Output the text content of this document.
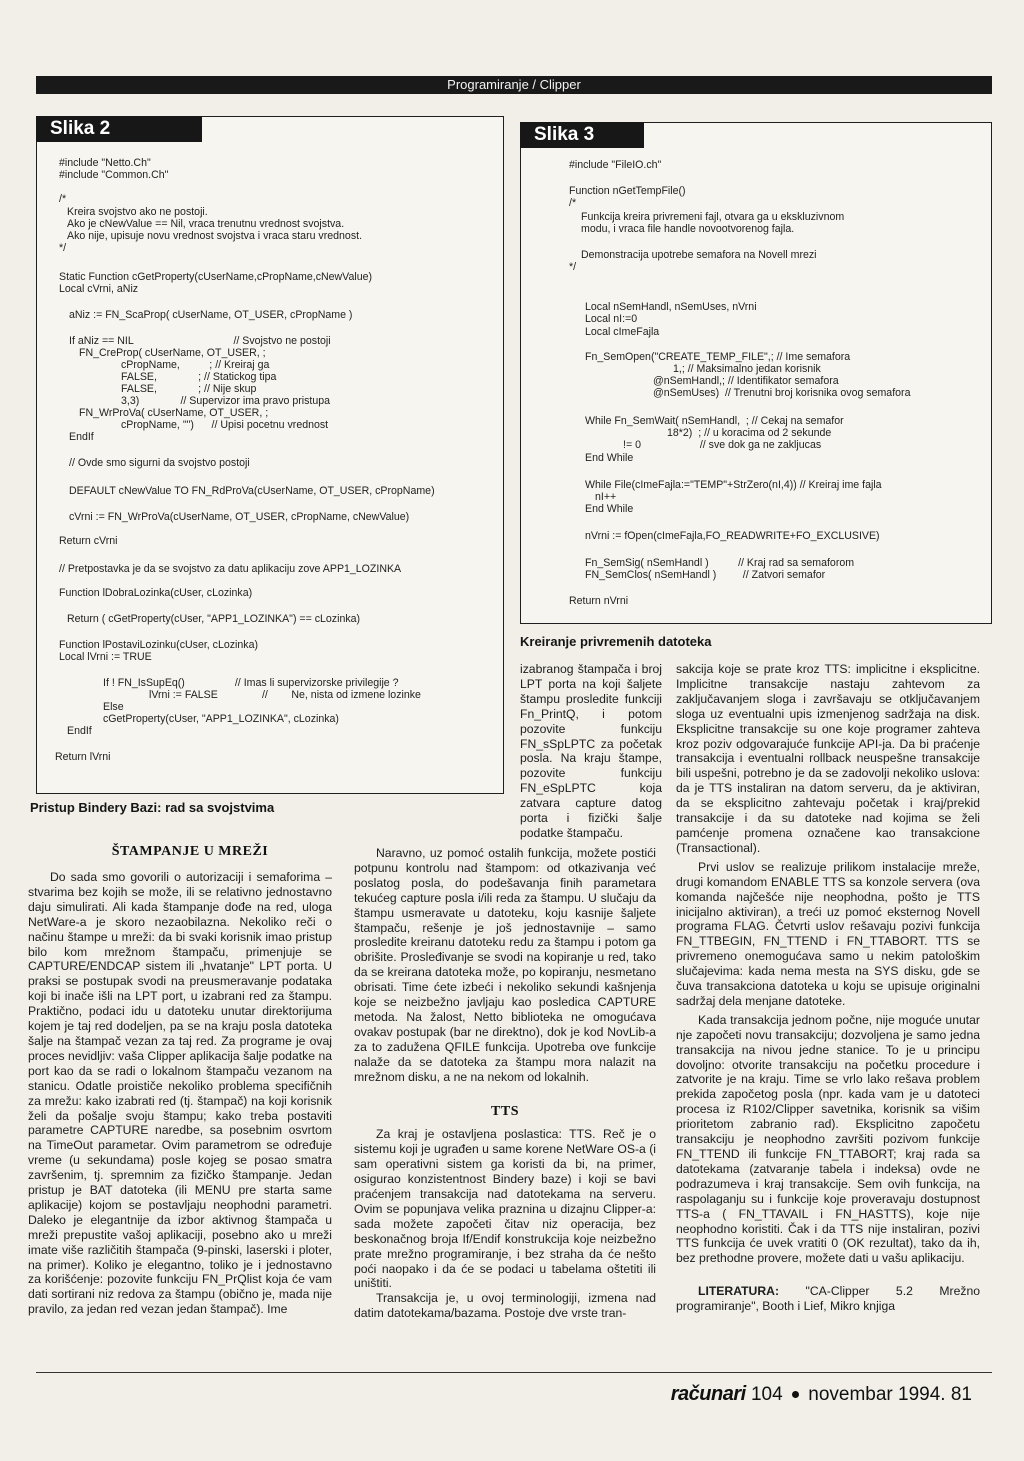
Programiranje / Clipper
Slika 2
#include "Netto.Ch"
#include "Common.Ch"
/*
Kreira svojstvo ako ne postoji.
Ako je cNewValue == Nil, vraca trenutnu vrednost svojstva.
Ako nije, upisuje novu vrednost svojstva i vraca staru vrednost.
*/
Static Function cGetProperty(cUserName,cPropName,cNewValue)
Local cVrni, aNiz
aNiz := FN_ScaProp( cUserName, OT_USER, cPropName )
If aNiz == NIL                                  // Svojstvo ne postoji
FN_CreProp( cUserName, OT_USER, ;
cPropName,          ; // Kreiraj ga
FALSE,              ; // Statickog tipa
FALSE,              ; // Nije skup
3,3)              // Supervizor ima pravo pristupa
FN_WrProVa( cUserName, OT_USER, ;
cPropName, "")      // Upisi pocetnu vrednost
EndIf
// Ovde smo sigurni da svojstvo postoji
DEFAULT cNewValue TO FN_RdProVa(cUserName, OT_USER, cPropName)
cVrni := FN_WrProVa(cUserName, OT_USER, cPropName, cNewValue)
Return cVrni
// Pretpostavka je da se svojstvo za datu aplikaciju zove APP1_LOZINKA
Function lDobraLozinka(cUser, cLozinka)
Return ( cGetProperty(cUser, "APP1_LOZINKA") == cLozinka)
Function lPostaviLozinku(cUser, cLozinka)
Local lVrni := TRUE
If ! FN_IsSupEq()                 // Imas li supervizorske privilegije ?
lVrni := FALSE               //        Ne, nista od izmene lozinke
Else
cGetProperty(cUser, "APP1_LOZINKA", cLozinka)
EndIf
Return lVrni
Pristup Bindery Bazi: rad sa svojstvima
Slika 3
#include "FileIO.ch"
Function nGetTempFile()
/*
Funkcija kreira privremeni fajl, otvara ga u ekskluzivnom
modu, i vraca file handle novootvorenog fajla.
Demonstracija upotrebe semafora na Novell mrezi
*/
Local nSemHandl, nSemUses, nVrni
Local nI:=0
Local cImeFajla
Fn_SemOpen("CREATE_TEMP_FILE",; // Ime semafora
1,; // Maksimalno jedan korisnik
@nSemHandl,; // Identifikator semafora
@nSemUses)  // Trenutni broj korisnika ovog semafora
While Fn_SemWait( nSemHandl,  ; // Cekaj na semafor
18*2)  ; // u koracima od 2 sekunde
!= 0                    // sve dok ga ne zakljucas
End While
While File(cImeFajla:="TEMP"+StrZero(nI,4)) // Kreiraj ime fajla
nI++
End While
nVrni := fOpen(cImeFajla,FO_READWRITE+FO_EXCLUSIVE)
Fn_SemSig( nSemHandl )          // Kraj rad sa semaforom
FN_SemClos( nSemHandl )         // Zatvori semafor
Return nVrni
Kreiranje privremenih datoteka
ŠTAMPANJE U MREŽI

Do sada smo govorili o autorizaciji i semaforima – stvarima bez kojih se može, ili se relativno jednostavno daju simulirati. Ali kada štampanje dođe na red, uloga NetWare-a je skoro nezaobilazna. Nekoliko reči o načinu štampe u mreži: da bi svaki korisnik imao pristup bilo kom mrežnom štampaču, primenjuje se CAPTURE/ENDCAP sistem ili „hvatanje" LPT porta. U praksi se postupak svodi na preusmeravanje podataka koji bi inače išli na LPT port, u izabrani red za štampu. Praktično, podaci idu u datoteku unutar direktorijuma kojem je taj red dodeljen, pa se na kraju posla datoteka šalje na štampač vezan za taj red. Za programe je ovaj proces nevidljiv: vaša Clipper aplikacija šalje podatke na port kao da se radi o lokalnom štampaču vezanom na stanicu. Odatle proističe nekoliko problema specifičnih za mrežu: kako izabrati red (tj. štampač) na koji korisnik želi da pošalje svoju štampu; kako treba postaviti parametre CAPTURE naredbe, sa posebnim osvrtom na TimeOut parametar. Ovim parametrom se određuje vreme (u sekundama) posle kojeg se posao smatra završenim, tj. spremnim za fizičko štampanje. Jedan pristup je BAT datoteka (ili MENU pre starta same aplikacije) kojom se postavljaju neophodni parametri. Daleko je elegantnije da izbor aktivnog štampača u mreži prepustite vašoj aplikaciji, posebno ako u mreži imate više različitih štampača (9-pinski, laserski i ploter, na primer). Koliko je elegantno, toliko je i jednostavno za korišćenje: pozovite funkciju FN_PrQlist koja će vam dati sortirani niz redova za štampu (obično je, mada nije pravilo, za jedan red vezan jedan štampač). Ime

izabranog štampača i broj LPT porta na koji šaljete štampu prosledite funkciji Fn_PrintQ, i potom pozovite funkciju FN_sSpLPTC za početak posla. Na kraju štampe, pozovite funkciju FN_eSpLPTC koja zatvara capture datog porta i fizički šalje podatke štampaču.

Naravno, uz pomoć ostalih funkcija, možete postići potpunu kontrolu nad štampom: od otkazivanja već poslatog posla, do podešavanja finih parametara tekućeg capture posla i/ili reda za štampu. U slučaju da štampu usmeravate u datoteku, koju kasnije šaljete štampaču, rešenje je još jednostavnije – samo prosledite kreiranu datoteku redu za štampu i potom ga obrišite. Prosleđivanje se svodi na kopiranje u red, tako da se kreirana datoteka može, po kopiranju, nesmetano obrisati. Time ćete izbeći i nekoliko sekundi kašnjenja koje se neizbežno javljaju kao posledica CAPTURE metoda. Na žalost, Netto biblioteka ne omogućava ovakav postupak (bar ne direktno), dok je kod NovLib-a za to zadužena QFILE funkcija. Upotreba ove funkcije nalaže da se datoteka za štampu mora nalazit na mrežnom disku, a ne na nekom od lokalnih.

TTS

Za kraj je ostavljena poslastica: TTS. Reč je o sistemu koji je ugrađen u same korene NetWare OS-a (i sam operativni sistem ga koristi da bi, na primer, osigurao konzistentnost Bindery baze) i koji se bavi praćenjem transakcija nad datotekama na serveru. Ovim se popunjava velika praznina u dizajnu Clipper-a: sada možete započeti čitav niz operacija, bez beskonačnog broja If/Endif konstrukcija koje neizbežno prate mrežno programiranje, i bez straha da će nešto poći naopako i da će se podaci u tabelama oštetiti ili uništiti.

Transakcija je, u ovoj terminologiji, izmena nad datim datotekama/bazama. Postoje dve vrste tran-

sakcija koje se prate kroz TTS: implicitne i eksplicitne. Implicitne transakcije nastaju zahtevom za zaključavanjem sloga i završavaju se otključavanjem sloga uz eventualni upis izmenjenog sadržaja na disk. Eksplicitne transakcije su one koje programer zahteva kroz poziv odgovarajuće funkcije API-ja. Da bi praćenje transakcija i eventualni rollback neuspešne transakcije bili uspešni, potrebno je da se zadovolji nekoliko uslova: da je TTS instaliran na datom serveru, da je aktiviran, da se eksplicitno zahtevaju početak i kraj/prekid transakcije i da su datoteke nad kojima se želi pamćenje promena označene kao transakcione (Transactional).

Prvi uslov se realizuje prilikom instalacije mreže, drugi komandom ENABLE TTS sa konzole servera (ova komanda najčešće nije neophodna, pošto je TTS inicijalno aktiviran), a treći uz pomoć eksternog Novell programa FLAG. Četvrti uslov rešavaju pozivi funkcija FN_TTBEGIN, FN_TTEND i FN_TTABORT. TTS se privremeno onemogućava samo u nekim patološkim slučajevima: kada nema mesta na SYS disku, gde se čuva transakciona datoteka u koju se upisuje originalni sadržaj dela menjane datoteke.

Kada transakcija jednom počne, nije moguće unutar nje započeti novu transakciju; dozvoljena je samo jedna transakcija na nivou jedne stanice. To je u principu dovoljno: otvorite transakciju na početku procedure i zatvorite je na kraju. Time se vrlo lako rešava problem prekida započetog posla (npr. kada vam je u datoteci procesa iz R102/Clipper savetnika, korisnik sa višim prioritetom zabranio rad). Eksplicitno započetu transakciju je neophodno završiti pozivom funkcije FN_TTEND ili funkcije FN_TTABORT; kraj rada sa datotekama (zatvaranje tabela i indeksa) ovde ne podrazumeva i kraj transakcije. Sem ovih funkcija, na raspolaganju su i funkcije koje proveravaju dostupnost TTS-a ( FN_TTAVAIL i FN_HASTTS), koje nije neophodno koristiti. Čak i da TTS nije instaliran, pozivi TTS funkcija će uvek vratiti 0 (OK rezultat), tako da ih, bez prethodne provere, možete dati u vašu aplikaciju.

LITERATURA: "CA-Clipper 5.2 Mrežno programiranje", Booth i Lief, Mikro knjiga

računari 104 novembar 1994. 81
